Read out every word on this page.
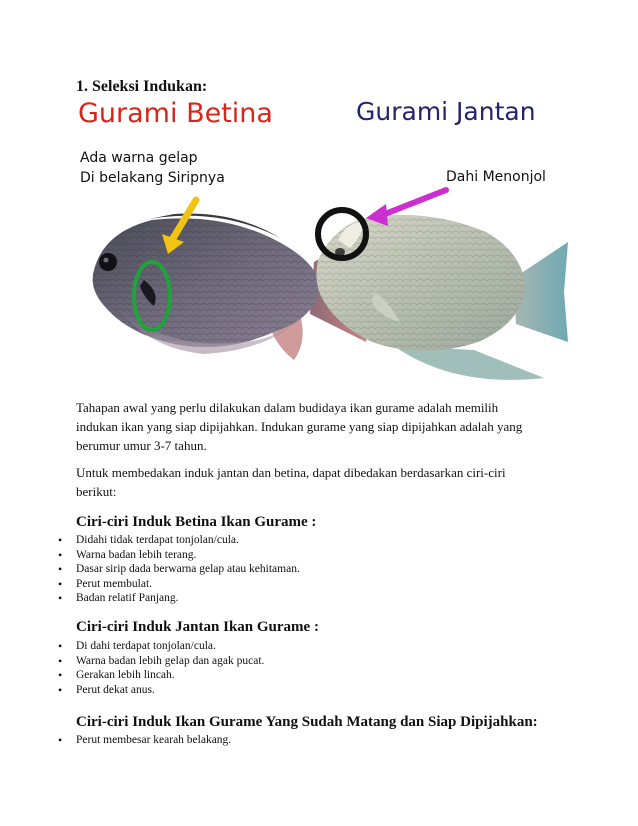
1. Seleksi Indukan:
Gurami Betina	Gurami Jantan
Ada warna gelap
Di belakang Siripnya	Dahi Menonjol
Tahapan awal yang perlu dilakukan dalam budidaya ikan gurame adalah memilih
indukan ikan yang siap dipijahkan. Indukan gurame yang siap dipijahkan adalah yang
berumur umur 3-7 tahun.
Untuk membedakan induk jantan dan betina, dapat dibedakan berdasarkan ciri-ciri
berikut:
Ciri-ciri Induk Betina Ikan Gurame :
• Didahi tidak terdapat tonjolan/cula.
• Warna badan lebih terang.
• Dasar sirip dada berwarna gelap atau kehitaman.
• Perut membulat.
• Badan relatif Panjang.
Ciri-ciri Induk Jantan Ikan Gurame :
• Di dahi terdapat tonjolan/cula.
• Warna badan lebih gelap dan agak pucat.
• Gerakan lebih lincah.
• Perut dekat anus.
Ciri-ciri Induk Ikan Gurame Yang Sudah Matang dan Siap Dipijahkan:
• Perut membesar kearah belakang.
